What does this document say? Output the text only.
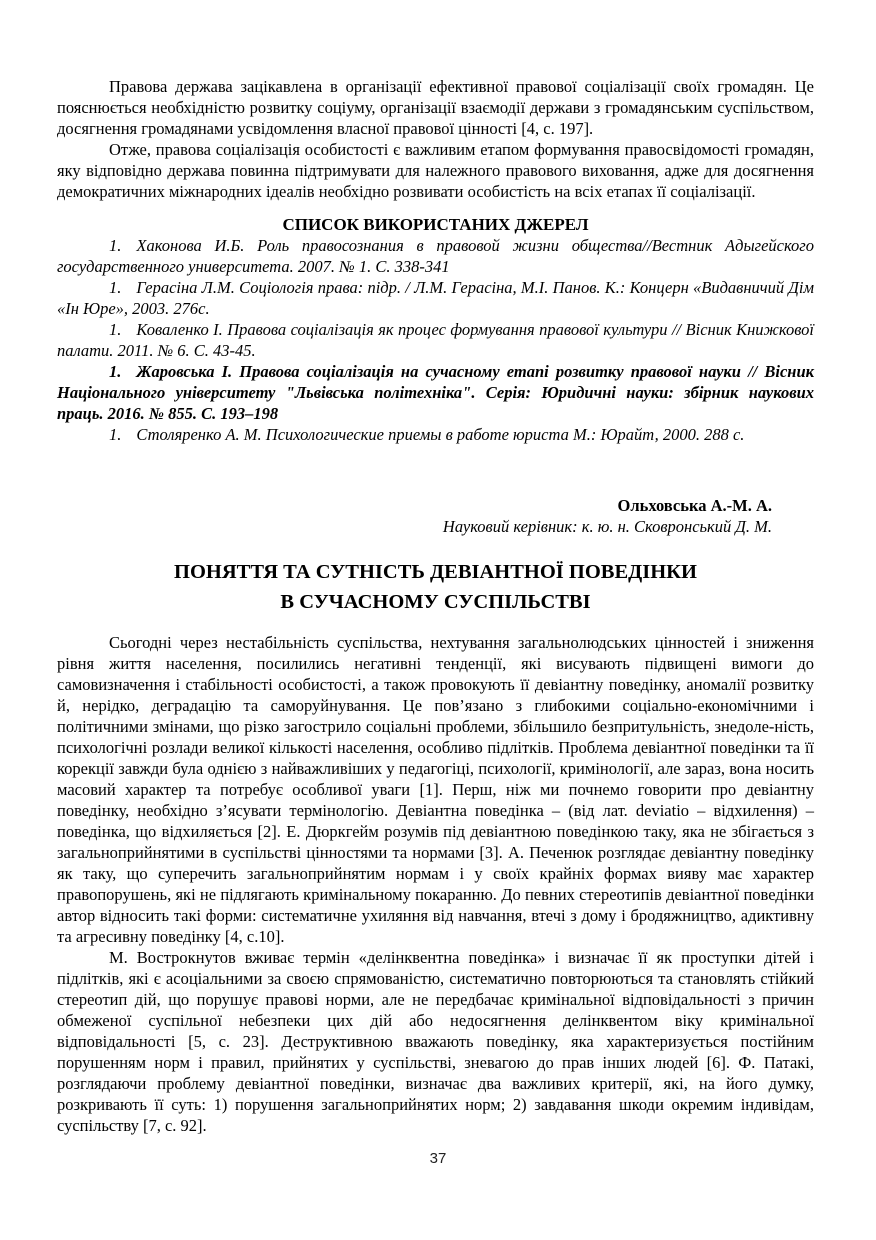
Правова держава зацікавлена в організації ефективної правової соціалізації своїх громадян. Це пояснюється необхідністю розвитку соціуму, організації взаємодії держави з громадянським суспільством, досягнення громадянами усвідомлення власної правової цінності [4, с. 197].

Отже, правова соціалізація особистості є важливим етапом формування правосвідомості громадян, яку відповідно держава повинна підтримувати для належного правового виховання, адже для досягнення демократичних міжнародних ідеалів необхідно розвивати особистість на всіх етапах її соціалізації.

СПИСОК ВИКОРИСТАНИХ ДЖЕРЕЛ

1. Хаконова И.Б. Роль правосознания в правовой жизни общества//Вестник Адыгейского государственного университета. 2007. № 1. С. 338-341

1. Герасіна Л.М. Соціологія права: підр. / Л.М. Герасіна, М.І. Панов. К.: Концерн «Видавничий Дім «Ін Юре», 2003. 276с.

1. Коваленко І. Правова соціалізація як процес формування правової культури // Вісник Книжкової палати. 2011. № 6. С. 43-45.

1. Жаровська І. Правова соціалізація на сучасному етапі розвитку правової науки // Вісник Національного університету "Львівська політехніка". Серія: Юридичні науки: збірник наукових праць. 2016. № 855. С. 193–198

1. Столяренко А. М. Психологические приемы в работе юриста М.: Юрайт, 2000. 288 с.

Ольховська А.-М. А.
Науковий керівник: к. ю. н. Сковронський Д. М.
ПОНЯТТЯ ТА СУТНІСТЬ ДЕВІАНТНОЇ ПОВЕДІНКИ
В СУЧАСНОМУ СУСПІЛЬСТВІ

Сьогодні через нестабільність суспільства, нехтування загальнолюдських цінностей і зниження рівня життя населення, посилились негативні тенденції, які висувають підвищені вимоги до самовизначення і стабільності особистості, а також провокують її девіантну поведінку, аномалії розвитку й, нерідко, деградацію та саморуйнування. Це пов’язано з глибокими соціально-економічними і політичними змінами, що різко загострило соціальні проблеми, збільшило безпритульність, знедоле-ність, психологічні розлади великої кількості населення, особливо підлітків. Проблема девіантної поведінки та її корекції завжди була однією з найважливіших у педагогіці, психології, кримінології, але зараз, вона носить масовий характер та потребує особливої уваги [1]. Перш, ніж ми почнемо говорити про девіантну поведінку, необхідно з’ясувати термінологію. Девіантна поведінка – (від лат. deviatio – відхилення) – поведінка, що відхиляється [2]. Е. Дюркгейм розумів під девіантною поведінкою таку, яка не збігається з загальноприйнятими в суспільстві цінностями та нормами [3]. А. Печенюк розглядає девіантну поведінку як таку, що суперечить загальноприйнятим нормам і у своїх крайніх формах вияву має характер правопорушень, які не підлягають кримінальному покаранню. До певних стереотипів девіантної поведінки автор відносить такі форми: систематичне ухиляння від навчання, втечі з дому і бродяжництво, адиктивну та агресивну поведінку [4, с.10].

М. Вострокнутов вживає термін «делінквентна поведінка» і визначає її як проступки дітей і підлітків, які є асоціальними за своєю спрямованістю, систематично повторюються та становлять стійкий стереотип дій, що порушує правові норми, але не передбачає кримінальної відповідальності з причин обмеженої суспільної небезпеки цих дій або недосягнення делінквентом віку кримінальної відповідальності [5, с. 23]. Деструктивною вважають поведінку, яка характеризується постійним порушенням норм і правил, прийнятих у суспільстві, зневагою до прав інших людей [6]. Ф. Патакі, розглядаючи проблему девіантної поведінки, визначає два важливих критерії, які, на його думку, розкривають її суть: 1) порушення загальноприйнятих норм; 2) завдавання шкоди окремим індивідам, суспільству [7, с. 92].

37
